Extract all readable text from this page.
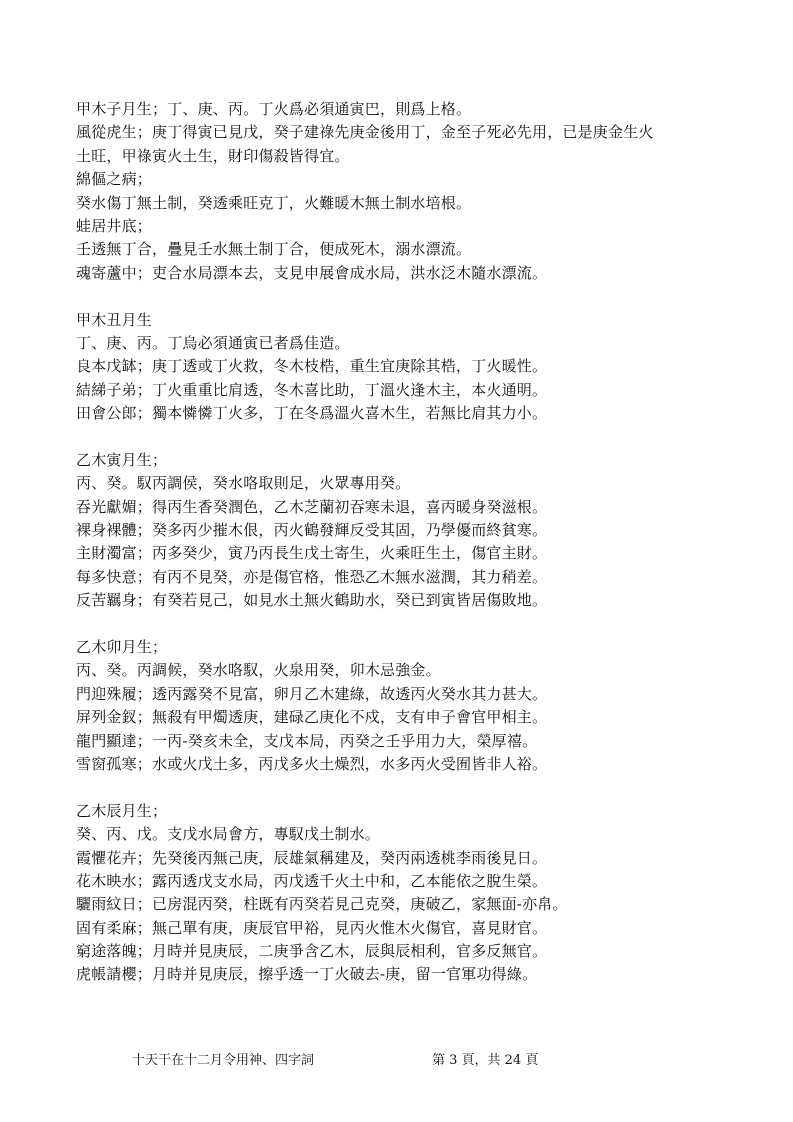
甲木子月生；丁、庚、丙。丁火爲必須通寅巴，則爲上格。
風從虎生；庚丁得寅已見戊，癸子建祿先庚金後用丁，金至子死必先用，已是庚金生火
土旺，甲祿寅火土生，財印傷殺皆得宜。
綿傴之病；
癸水傷丁無土制，癸透乘旺克丁，火難暖木無土制水培根。
蛙居井底；
壬透無丁合，疊見壬水無土制丁合，便成死木，溺水漂流。
魂寄蘆中；吏合水局漂本去，支見申展會成水局，洪水泛木隨水漂流。
甲木丑月生
丁、庚、丙。丁烏必須通寅已者爲佳造。
良本戊缽；庚丁透或丁火救，冬木枝梏，重生宜庚除其梏，丁火暖性。
結綈子弟；丁火重重比肩透，冬木喜比助，丁溫火逢木主，本火通明。
田會公郎；獨本憐憐丁火多，丁在冬爲溫火喜木生，若無比肩其力小。
乙木寅月生；
丙、癸。馭丙調侯，癸水咯取則足，火眾專用癸。
吞光獻媚；得丙生香癸潤色，乙木芝蘭初吞寒未退，喜丙暖身癸滋根。
裸身裸體；癸多丙少摧木佷，丙火鶴發輝反受其固，乃學優而終貧寒。
主財濁富；丙多癸少，寅乃丙長生戊土寄生，火乘旺生土，傷官主財。
每多快意；有丙不見癸，亦是傷官格，惟恐乙木無水滋潤，其力稍差。
反苦羈身；有癸若見己，如見水土無火鶴助水，癸已到寅皆居傷敗地。
乙木卯月生；
丙、癸。丙調候，癸水咯馭，火泉用癸，卯木忌強金。
門迎殊履；透丙露癸不見富，卵月乙木建綠，故透丙火癸水其力甚大。
屏列金釵；無殺有甲燭透庚，建碌乙庚化不戍，支有申子會官甲相主。
龍門顯達；一丙-癸亥未全，支戊本局，丙癸之壬乎用力大，榮厚禧。
雪窗孤寒；水或火戊土多，丙戊多火土燥烈，水多丙火受囿皆非人裕。
乙木辰月生；
癸、丙、戊。支戊水局會方，專馭戊土制水。
霞懼花卉；先癸後丙無己庚，辰雄氣稱建及，癸丙兩透桃李雨後見日。
花木映水；露丙透戊支水局，丙戊透千火土中和，乙本能依之脫生榮。
驪雨紋日；已房混丙癸，柱既有丙癸若見己克癸，庚破乙，家無面-亦帛。
固有柔麻；無己單有庚，庚辰官甲裕，見丙火惟木火傷官，喜見財官。
窮途落魄；月時并見庚辰，二庚爭含乙木，辰與辰相利，官多反無官。
虎帳請櫻；月時并見庚辰，擦乎透一丁火破去-庚，留一官軍功得綠。
十天干在十二月令用神、四字詞	第 3 頁，共 24 頁
